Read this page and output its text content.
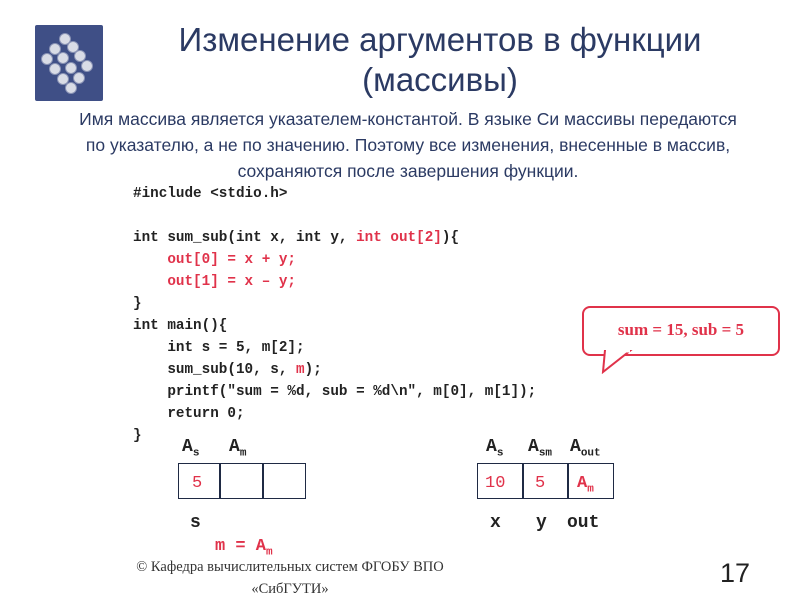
Изменение аргументов в функции
(массивы)
Имя массива является указателем-константой. В языке Си массивы передаются по указателю, а не по значению. Поэтому все изменения, внесенные в массив, сохраняются после завершения функции.
#include <stdio.h>

int sum_sub(int x, int y, int out[2]){
out[0] = x + y;
out[1] = x – y;
}
int main(){
int s = 5, m[2];
sum_sub(10, s, m);
printf("sum = %d, sub = %d\n", m[0], m[1]);
return 0;
}
sum = 15, sub = 5
$A_s$ $A_m$
5
s
$m = A_m$
$A_s$ $A_{sm}$ $A_{out}$
10 5 $A_m$
x y out
© Кафедра вычислительных систем ФГОБУ ВПО
«СибГУТИ»
17
